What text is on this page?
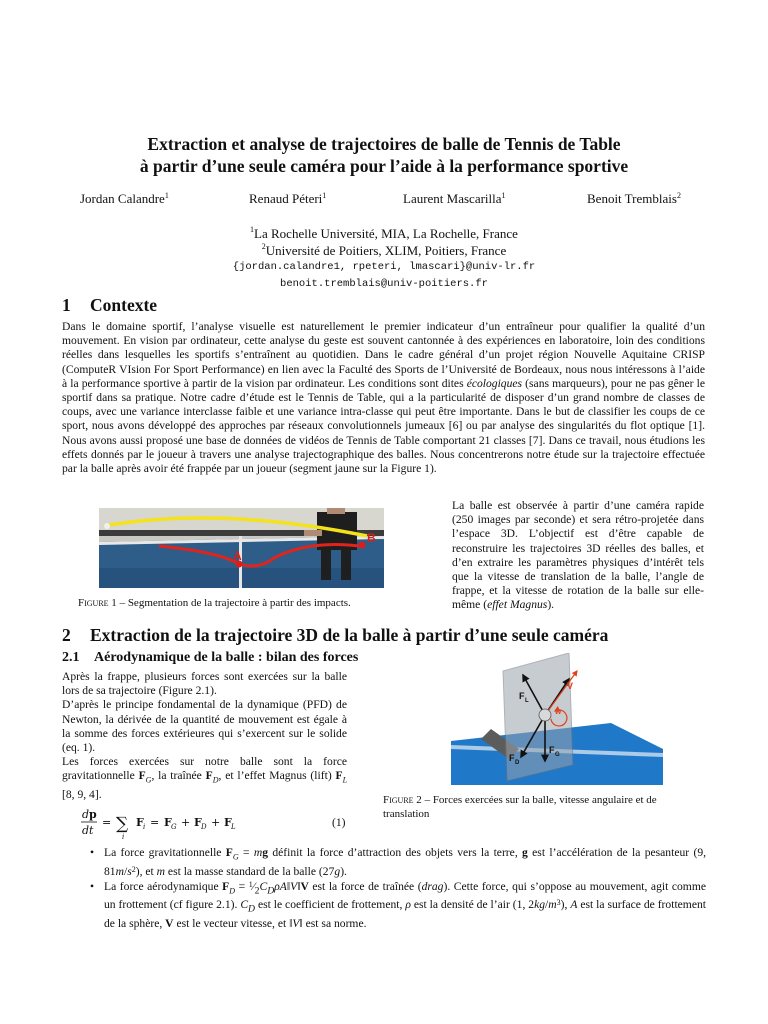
Extraction et analyse de trajectoires de balle de Tennis de Table
à partir d’une seule caméra pour l’aide à la performance sportive
Jordan Calandre$^1$	Renaud Péteri$^1$	Laurent Mascarilla$^1$	Benoit Tremblais$^2$
$^1$La Rochelle Université, MIA, La Rochelle, France
$^2$Université de Poitiers, XLIM, Poitiers, France
{jordan.calandre1, rpeteri, lmascari}@univ-lr.fr
benoit.tremblais@univ-poitiers.fr
1 Contexte
Dans le domaine sportif, l’analyse visuelle est naturellement le premier indicateur d’un entraîneur pour qualifier la qualité d’un mouvement. En vision par ordinateur, cette analyse du geste est souvent cantonnée à des expériences en laboratoire, loin des conditions réelles dans lesquelles les sportifs s’entraînent au quotidien. Dans le cadre général d’un projet région Nouvelle Aquitaine CRISP (ComputeR VIsion For Sport Performance) en lien avec la Faculté des Sports de l’Université de Bordeaux, nous nous intéressons à l’aide à la performance sportive à partir de la vision par ordinateur. Les conditions sont dites écologiques (sans marqueurs), pour ne pas gêner le sportif dans sa pratique. Notre cadre d’étude est le Tennis de Table, qui a la particularité de disposer d’un grand nombre de classes de coups, avec une variance interclasse faible et une variance intra-classe qui peut être importante. Dans le but de classifier les coups de ce sport, nous avons développé des approches par réseaux convolutionnels jumeaux [6] ou par analyse des singularités du flot optique [1]. Nous avons aussi proposé une base de données de vidéos de Tennis de Table comportant 21 classes [7]. Dans ce travail, nous étudions les effets donnés par le joueur à travers une analyse trajectographique des balles. Nous concentrerons notre étude sur la trajectoire effectuée par la balle après avoir été frappée par un joueur (segment jaune sur la Figure 1).
A
B
Figure 1 – Segmentation de la trajectoire à partir des impacts.
La balle est observée à partir d’une caméra rapide (250 images par seconde) et sera rétro-projetée dans l’espace 3D. L’objectif est d’être capable de reconstruire les trajectoires 3D réelles des balles, et d’en extraire les paramètres physiques d’intérêt tels que la vitesse de translation de la balle, l’angle de frappe, et la vitesse de rotation de la balle sur elle-même (effet Magnus).
2 Extraction de la trajectoire 3D de la balle à partir d’une seule caméra
2.1 Aérodynamique de la balle : bilan des forces
Après la frappe, plusieurs forces sont exercées sur la balle lors de sa trajectoire (Figure 2.1).
D’après le principe fondamental de la dynamique (PFD) de Newton, la dérivée de la quantité de mouvement est égale à la somme des forces extérieures qui s’exercent sur le solide (eq. 1).
Les forces exercées sur notre balle sont la force gravitationnelle $F_G$, la traînée $F_D$, et l’effet Magnus (lift) $F_L$ [8, 9, 4].
d p
dt
= ∑
i
F i = F G + F D + F L	(1)
F L
V
w
F D
F G
Figure 2 – Forces exercées sur la balle, vitesse angulaire et de translation
• La force gravitationnelle $F_G$ = mg définit la force d’attraction des objets vers la terre, g est l’accélération de la pesanteur (9, $81m/s^2$), et m est la masse standard de la balle (27g).
• La force aérodynamique $F_D$ = $^1⁄_2C_D\rho A‖V‖V$ est la force de traînée (drag). Cette force, qui s’oppose au mouvement, agit comme un frottement (cf figure 2.1). $C_D$ est le coefficient de frottement, ρ est la densité de l’air (1, $2kg/m^3$), A est la surface de frottement de la sphère, V est le vecteur vitesse, et ‖V‖ est sa norme.
